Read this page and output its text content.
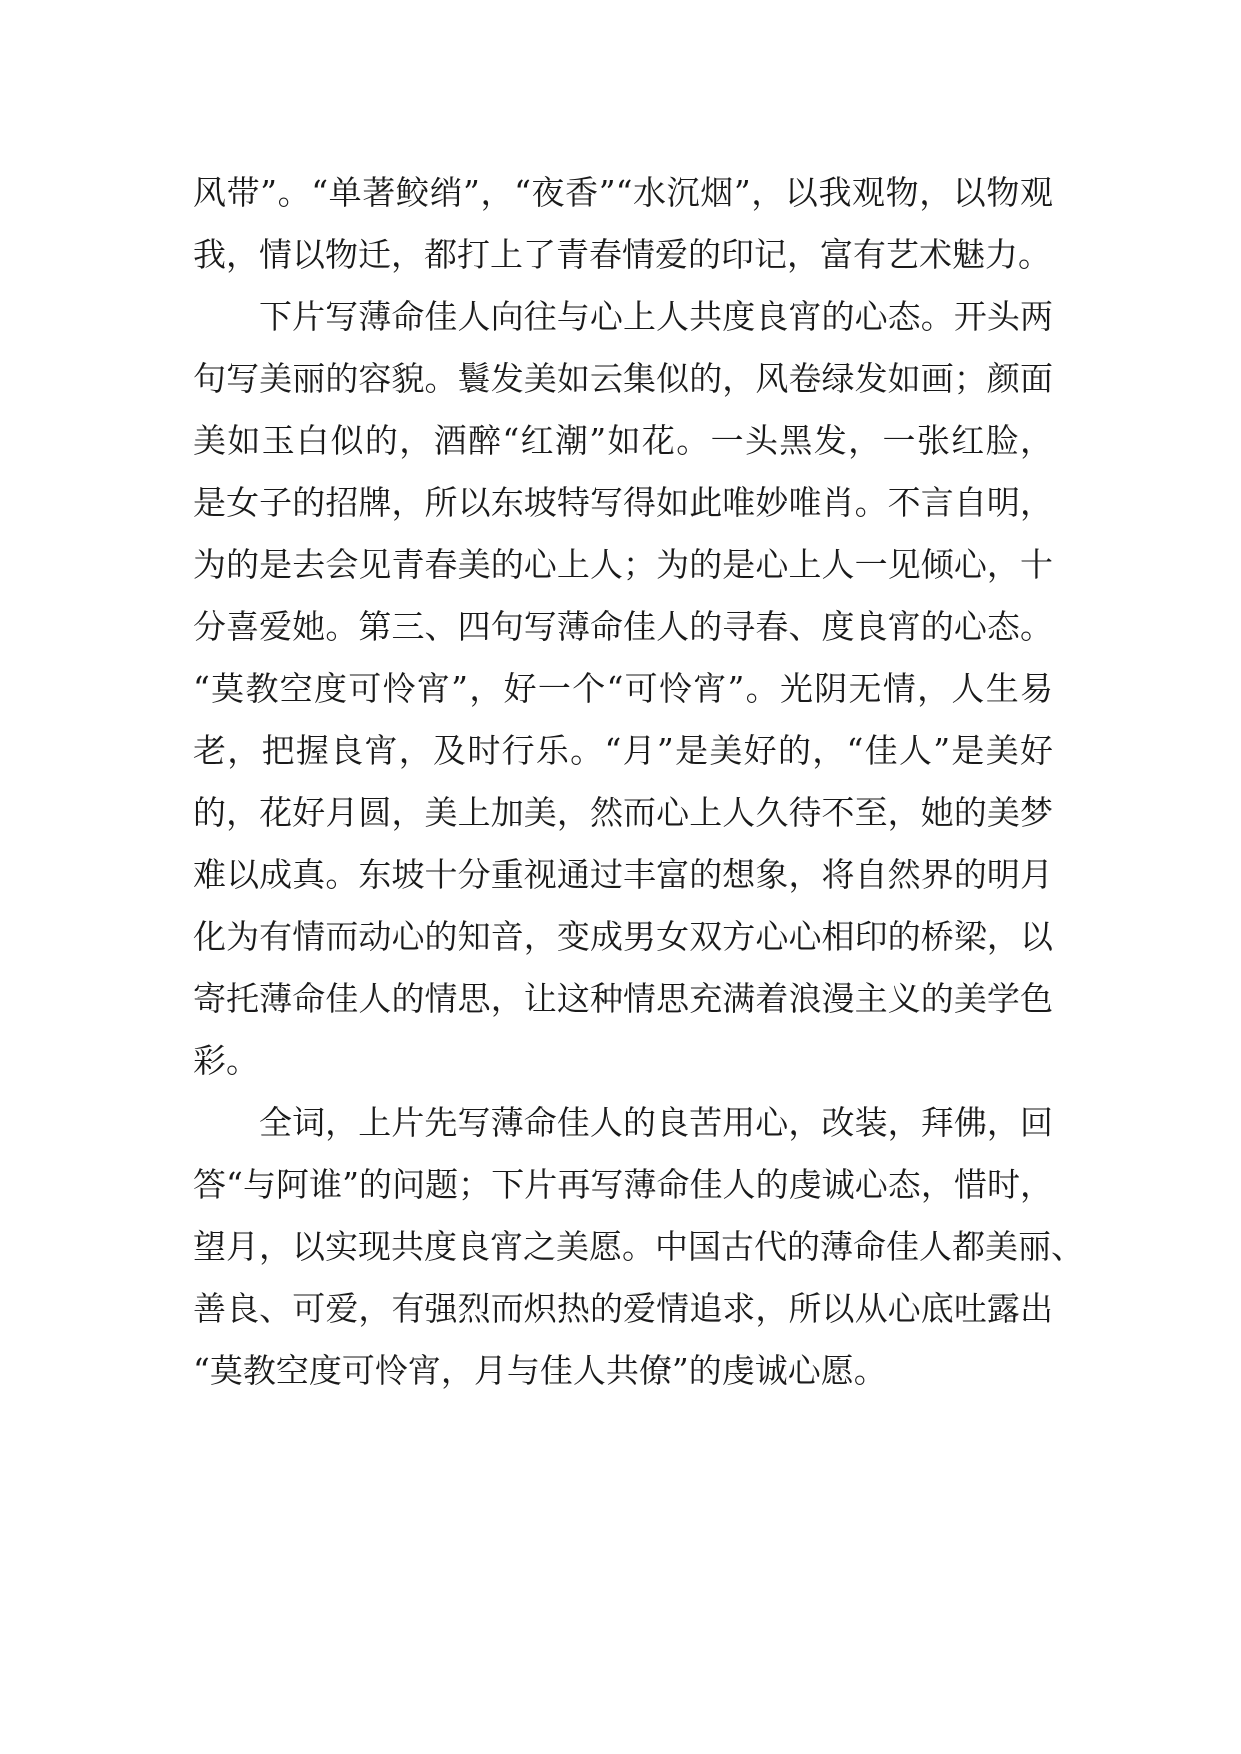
风带”。“单著鲛绡”，“夜香”“水沉烟”，以我观物，以物观
我，情以物迁，都打上了青春情爱的印记，富有艺术魅力。
下片写薄命佳人向往与心上人共度良宵的心态。开头两
句写美丽的容貌。鬟发美如云集似的，风卷绿发如画；颜面
美如玉白似的，酒醉“红潮”如花。一头黑发，一张红脸，
是女子的招牌，所以东坡特写得如此唯妙唯肖。不言自明，
为的是去会见青春美的心上人；为的是心上人一见倾心，十
分喜爱她。第三、四句写薄命佳人的寻春、度良宵的心态。
“莫教空度可怜宵”，好一个“可怜宵”。光阴无情，人生易
老，把握良宵，及时行乐。“月”是美好的，“佳人”是美好
的，花好月圆，美上加美，然而心上人久待不至，她的美梦
难以成真。东坡十分重视通过丰富的想象，将自然界的明月
化为有情而动心的知音，变成男女双方心心相印的桥梁，以
寄托薄命佳人的情思，让这种情思充满着浪漫主义的美学色
彩。
全词，上片先写薄命佳人的良苦用心，改装，拜佛，回
答“与阿谁”的问题；下片再写薄命佳人的虔诚心态，惜时，
望月，以实现共度良宵之美愿。中国古代的薄命佳人都美丽、
善良、可爱，有强烈而炽热的爱情追求，所以从心底吐露出
“莫教空度可怜宵，月与佳人共僚”的虔诚心愿。
